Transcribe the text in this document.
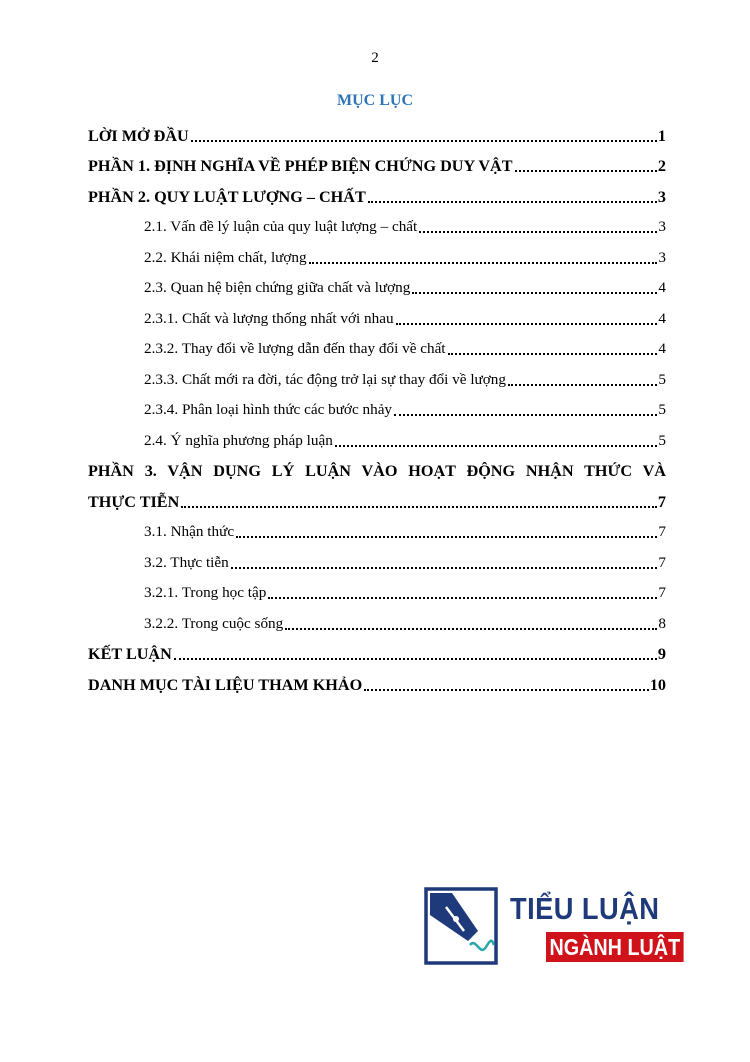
2
MỤC LỤC
LỜI MỞ ĐẦU	1
PHẦN 1. ĐỊNH NGHĨA VỀ PHÉP BIỆN CHỨNG DUY VẬT	2
PHẦN 2. QUY LUẬT LƯỢNG – CHẤT	3
2.1. Vấn đề lý luận của quy luật lượng – chất	3
2.2. Khái niệm chất, lượng	3
2.3. Quan hệ biện chứng giữa chất và lượng	4
2.3.1. Chất và lượng thống nhất với nhau	4
2.3.2. Thay đổi về lượng dẫn đến thay đổi về chất	4
2.3.3. Chất mới ra đời, tác động trở lại sự thay đổi về lượng	5
2.3.4. Phân loại hình thức các bước nhảy	5
2.4. Ý nghĩa phương pháp luận	5
PHẦN 3. VẬN DỤNG LÝ LUẬN VÀO HOẠT ĐỘNG NHẬN THỨC VÀ
THỰC TIỄN	7
3.1. Nhận thức	7
3.2. Thực tiễn	7
3.2.1. Trong học tập	7
3.2.2. Trong cuộc sống	8
KẾT LUẬN	9
DANH MỤC TÀI LIỆU THAM KHẢO	10
TIỂU LUẬN
NGÀNH LUẬT
